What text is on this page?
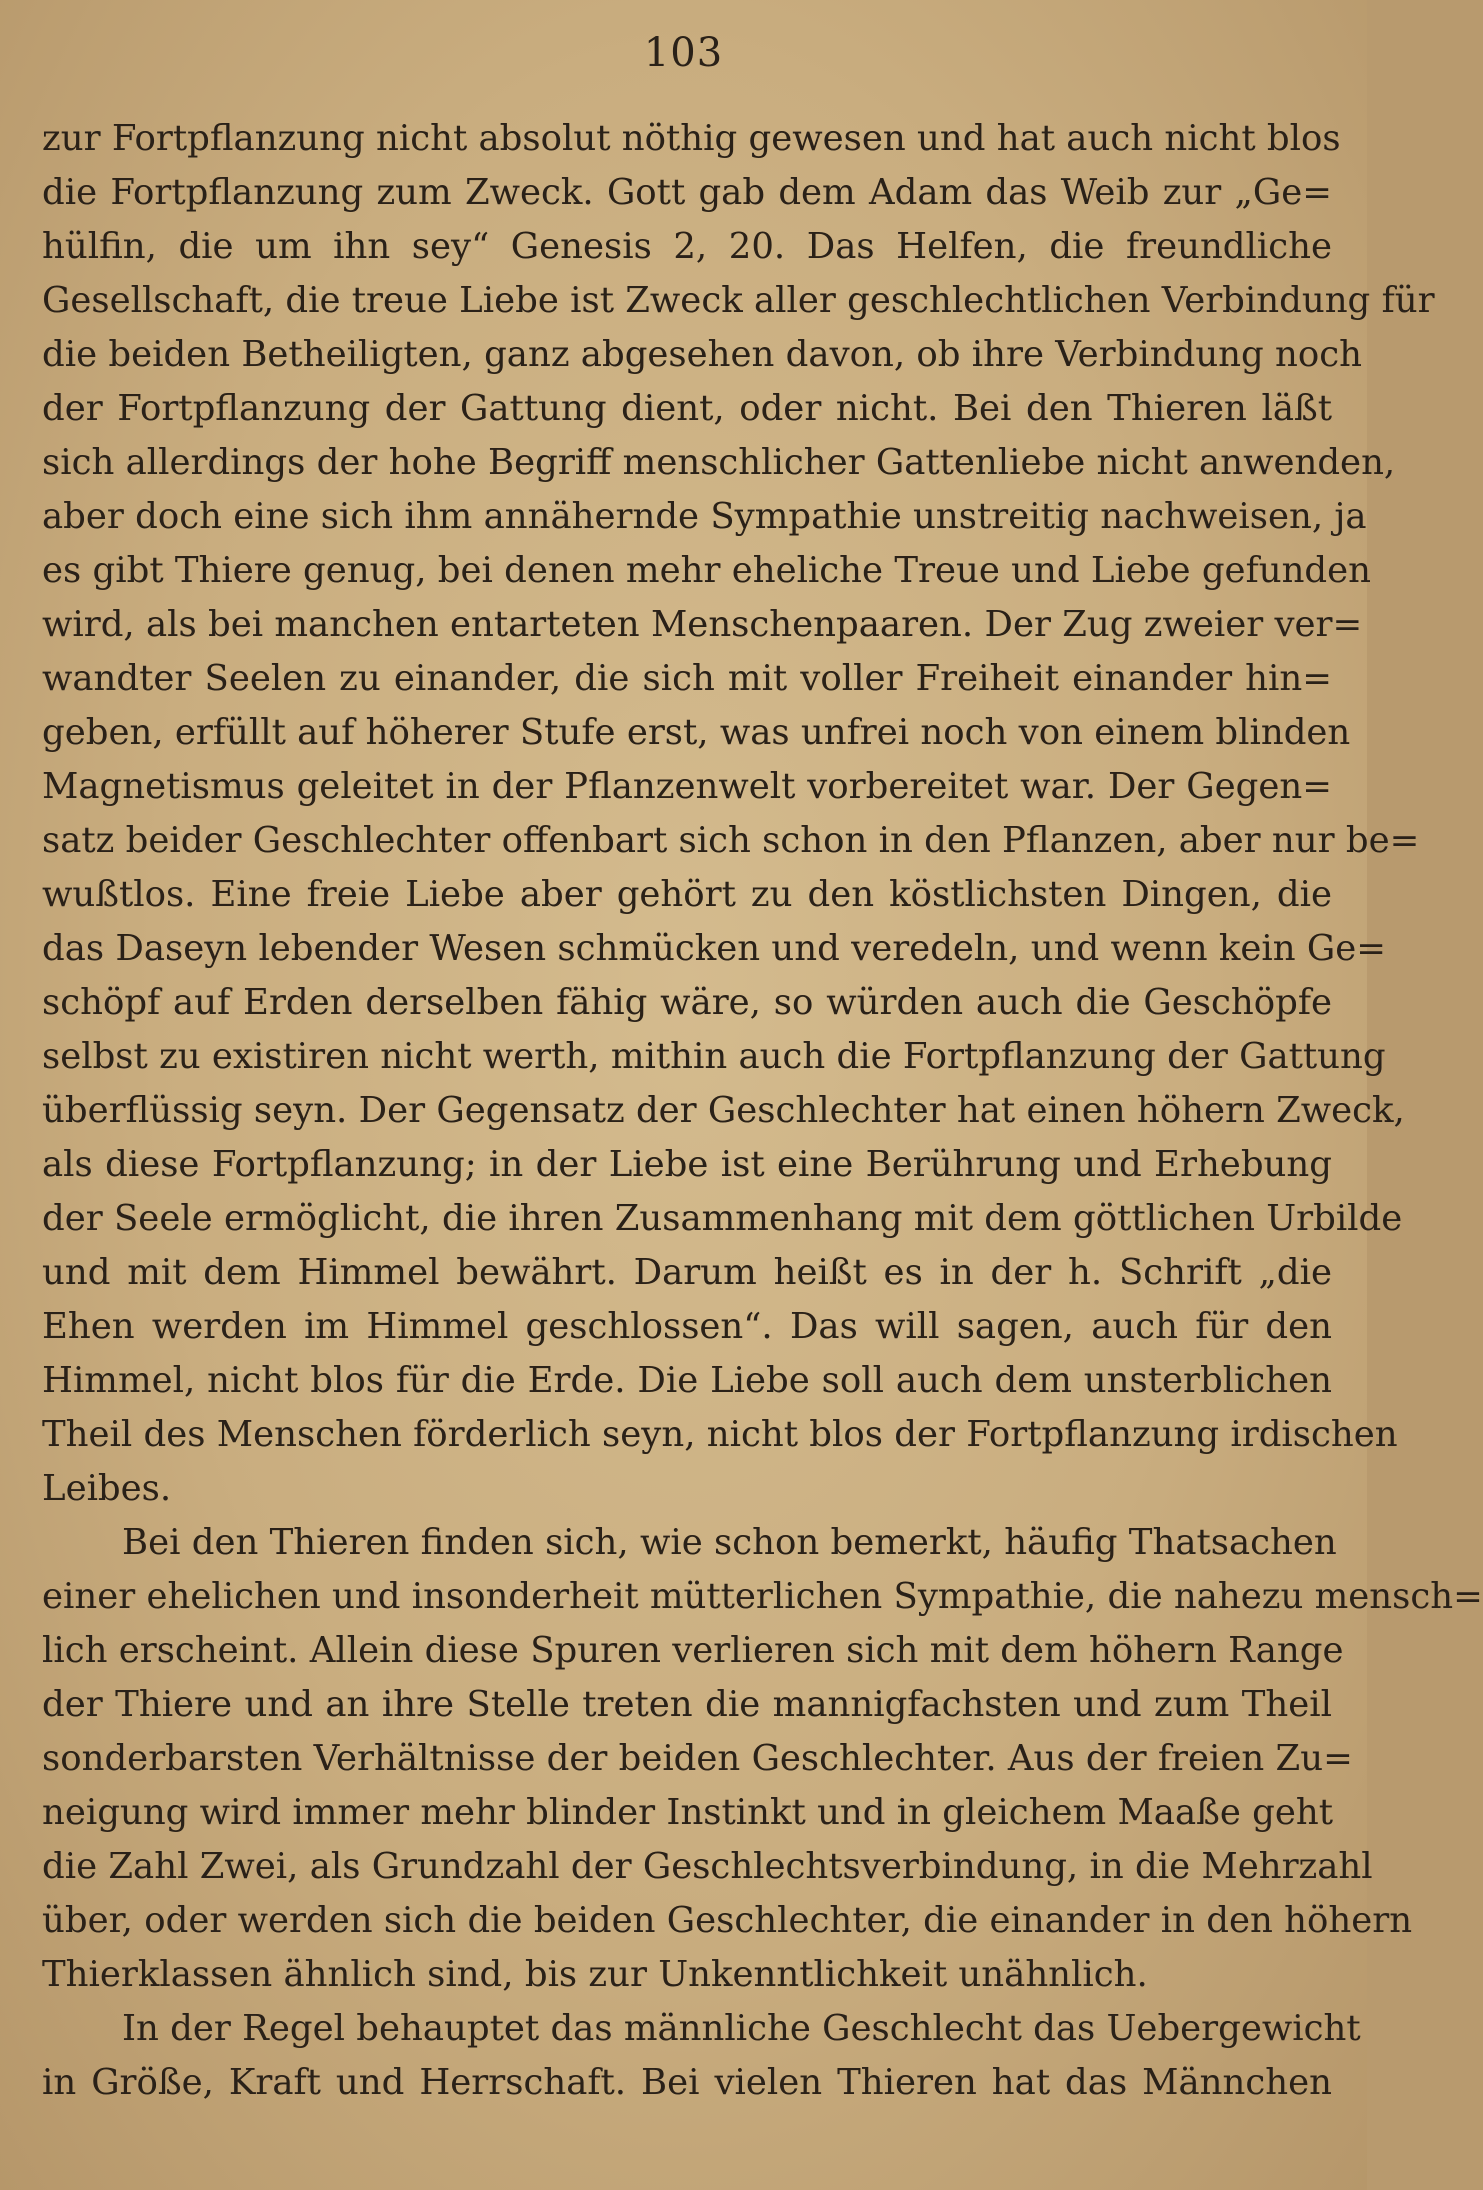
103
zur Fortpflanzung nicht absolut nöthig gewesen und hat auch nicht blos
die Fortpflanzung zum Zweck. Gott gab dem Adam das Weib zur „Ge=
hülfin, die um ihn sey“ Genesis 2, 20. Das Helfen, die freundliche
Gesellschaft, die treue Liebe ist Zweck aller geschlechtlichen Verbindung für
die beiden Betheiligten, ganz abgesehen davon, ob ihre Verbindung noch
der Fortpflanzung der Gattung dient, oder nicht. Bei den Thieren läßt
sich allerdings der hohe Begriff menschlicher Gattenliebe nicht anwenden,
aber doch eine sich ihm annähernde Sympathie unstreitig nachweisen, ja
es gibt Thiere genug, bei denen mehr eheliche Treue und Liebe gefunden
wird, als bei manchen entarteten Menschenpaaren. Der Zug zweier ver=
wandter Seelen zu einander, die sich mit voller Freiheit einander hin=
geben, erfüllt auf höherer Stufe erst, was unfrei noch von einem blinden
Magnetismus geleitet in der Pflanzenwelt vorbereitet war. Der Gegen=
satz beider Geschlechter offenbart sich schon in den Pflanzen, aber nur be=
wußtlos. Eine freie Liebe aber gehört zu den köstlichsten Dingen, die
das Daseyn lebender Wesen schmücken und veredeln, und wenn kein Ge=
schöpf auf Erden derselben fähig wäre, so würden auch die Geschöpfe
selbst zu existiren nicht werth, mithin auch die Fortpflanzung der Gattung
überflüssig seyn. Der Gegensatz der Geschlechter hat einen höhern Zweck,
als diese Fortpflanzung; in der Liebe ist eine Berührung und Erhebung
der Seele ermöglicht, die ihren Zusammenhang mit dem göttlichen Urbilde
und mit dem Himmel bewährt. Darum heißt es in der h. Schrift „die
Ehen werden im Himmel geschlossen“. Das will sagen, auch für den
Himmel, nicht blos für die Erde. Die Liebe soll auch dem unsterblichen
Theil des Menschen förderlich seyn, nicht blos der Fortpflanzung irdischen
Leibes.
Bei den Thieren finden sich, wie schon bemerkt, häufig Thatsachen
einer ehelichen und insonderheit mütterlichen Sympathie, die nahezu mensch=
lich erscheint. Allein diese Spuren verlieren sich mit dem höhern Range
der Thiere und an ihre Stelle treten die mannigfachsten und zum Theil
sonderbarsten Verhältnisse der beiden Geschlechter. Aus der freien Zu=
neigung wird immer mehr blinder Instinkt und in gleichem Maaße geht
die Zahl Zwei, als Grundzahl der Geschlechtsverbindung, in die Mehrzahl
über, oder werden sich die beiden Geschlechter, die einander in den höhern
Thierklassen ähnlich sind, bis zur Unkenntlichkeit unähnlich.
In der Regel behauptet das männliche Geschlecht das Uebergewicht
in Größe, Kraft und Herrschaft. Bei vielen Thieren hat das Männchen
